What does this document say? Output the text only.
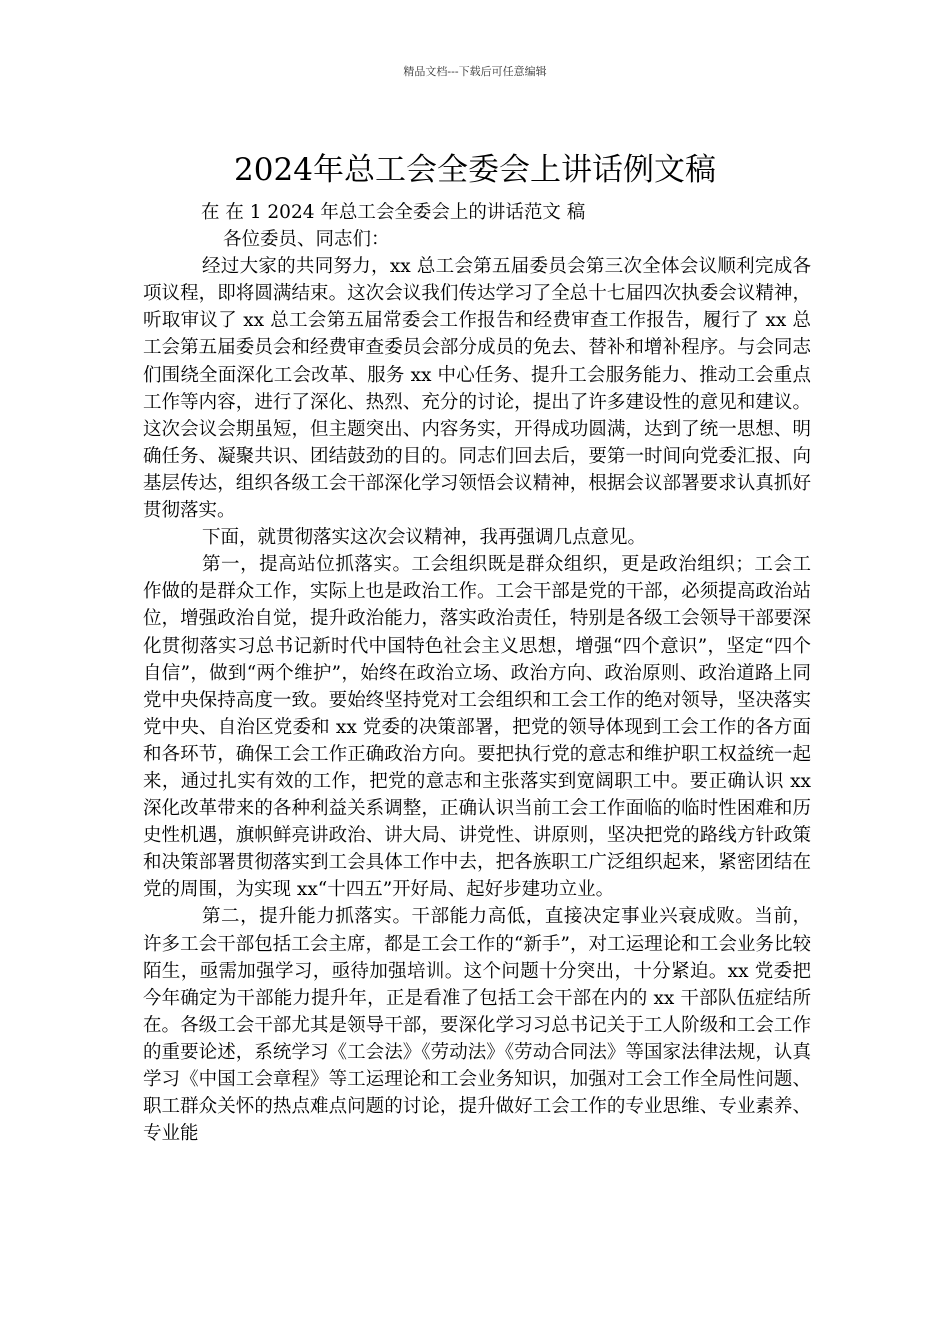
精品文档---下载后可任意编辑
2024年总工会全委会上讲话例文稿

在 在 1 2024 年总工会全委会上的讲话范文 稿

各位委员、同志们：

经过大家的共同努力，xx 总工会第五届委员会第三次全体会议顺利完成各项议程，即将圆满结束。这次会议我们传达学习了全总十七届四次执委会议精神，听取审议了 xx 总工会第五届常委会工作报告和经费审查工作报告，履行了 xx 总工会第五届委员会和经费审查委员会部分成员的免去、替补和增补程序。与会同志们围绕全面深化工会改革、服务 xx 中心任务、提升工会服务能力、推动工会重点工作等内容，进行了深化、热烈、充分的讨论，提出了许多建设性的意见和建议。这次会议会期虽短，但主题突出、内容务实，开得成功圆满，达到了统一思想、明确任务、凝聚共识、团结鼓劲的目的。同志们回去后，要第一时间向党委汇报、向基层传达，组织各级工会干部深化学习领悟会议精神，根据会议部署要求认真抓好贯彻落实。

下面，就贯彻落实这次会议精神，我再强调几点意见。

第一，提高站位抓落实。工会组织既是群众组织，更是政治组织；工会工作做的是群众工作，实际上也是政治工作。工会干部是党的干部，必须提高政治站位，增强政治自觉，提升政治能力，落实政治责任，特别是各级工会领导干部要深化贯彻落实习总书记新时代中国特色社会主义思想，增强“四个意识”，坚定“四个自信”，做到“两个维护”，始终在政治立场、政治方向、政治原则、政治道路上同党中央保持高度一致。要始终坚持党对工会组织和工会工作的绝对领导，坚决落实党中央、自治区党委和 xx 党委的决策部署，把党的领导体现到工会工作的各方面和各环节，确保工会工作正确政治方向。要把执行党的意志和维护职工权益统一起来，通过扎实有效的工作，把党的意志和主张落实到宽阔职工中。要正确认识 xx 深化改革带来的各种利益关系调整，正确认识当前工会工作面临的临时性困难和历史性机遇，旗帜鲜亮讲政治、讲大局、讲党性、讲原则，坚决把党的路线方针政策和决策部署贯彻落实到工会具体工作中去，把各族职工广泛组织起来，紧密团结在党的周围，为实现 xx“十四五”开好局、起好步建功立业。

第二，提升能力抓落实。干部能力高低，直接决定事业兴衰成败。当前，许多工会干部包括工会主席，都是工会工作的“新手”，对工运理论和工会业务比较陌生，亟需加强学习，亟待加强培训。这个问题十分突出，十分紧迫。xx 党委把今年确定为干部能力提升年，正是看准了包括工会干部在内的 xx 干部队伍症结所在。各级工会干部尤其是领导干部，要深化学习习总书记关于工人阶级和工会工作的重要论述，系统学习《工会法》《劳动法》《劳动合同法》等国家法律法规，认真学习《中国工会章程》等工运理论和工会业务知识，加强对工会工作全局性问题、职工群众关怀的热点难点问题的讨论，提升做好工会工作的专业思维、专业素养、专业能
